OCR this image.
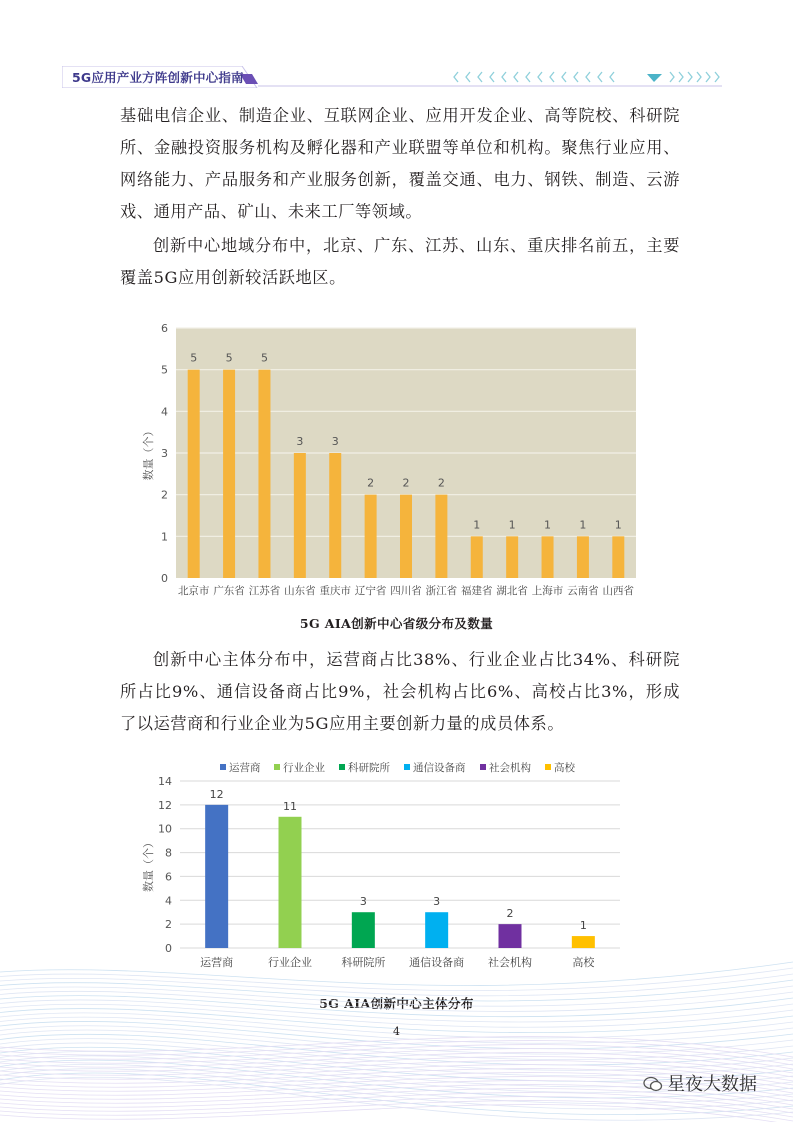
5G应用产业方阵创新中心指南

基础电信企业、制造企业、互联网企业、应用开发企业、高等院校、科研院所、金融投资服务机构及孵化器和产业联盟等单位和机构。聚焦行业应用、网络能力、产品服务和产业服务创新，覆盖交通、电力、钢铁、制造、云游戏、通用产品、矿山、未来工厂等领域。

创新中心地域分布中，北京、广东、江苏、山东、重庆排名前五，主要覆盖5G应用创新较活跃地区。

0
1
2
3
4
5
6
5
北京市
5
广东省
5
江苏省
3
山东省
3
重庆市
2
辽宁省
2
四川省
2
浙江省
1
福建省
1
湖北省
1
上海市
1
云南省
1
山西省
数量（个）
5G AIA创新中心省级分布及数量

创新中心主体分布中，运营商占比38%、行业企业占比34%、科研院所占比9%、通信设备商占比9%，社会机构占比6%、高校占比3%，形成了以运营商和行业企业为5G应用主要创新力量的成员体系。

0
2
4
6
8
10
12
14
运营商 行业企业 科研院所 通信设备商 社会机构 高校
12
运营商
11
行业企业
3
科研院所
3
通信设备商
2
社会机构
1
高校
数量（个）
5G AIA创新中心主体分布
4
星夜大数据
